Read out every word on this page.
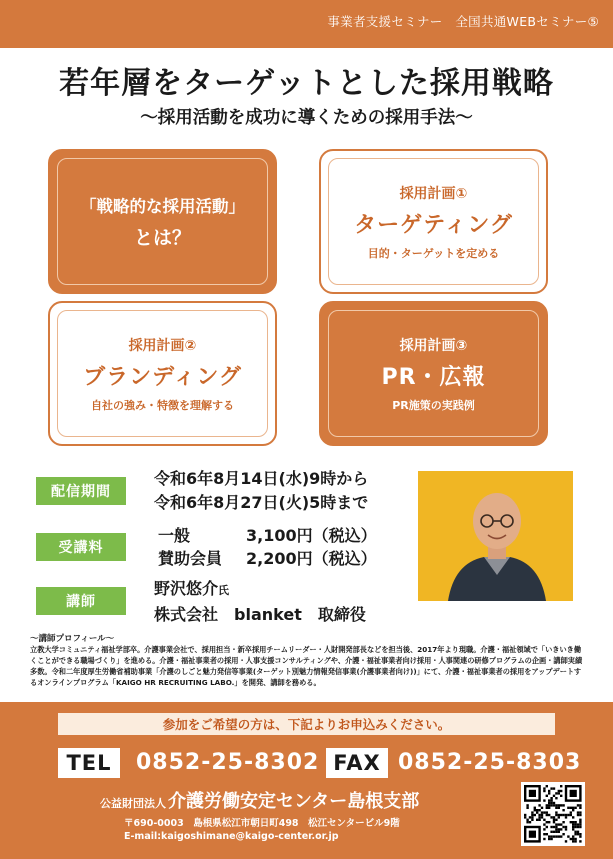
事業者支援セミナー　全国共通WEBセミナー⑤
若年層をターゲットとした採用戦略
〜採用活動を成功に導くための採用手法〜
「戦略的な採用活動」
とは？
採用計画①
ターゲティング
目的・ターゲットを定める
採用計画②
ブランディング
自社の強み・特徴を理解する
採用計画③
PR・広報
PR施策の実践例
配信期間
令和6年8月14日(水)9時から
令和6年8月27日(火)5時まで
受講料
一般	3,100円（税込）
賛助会員 2,200円（税込）
講師
野沢悠介氏
株式会社　blanket　取締役
〜講師プロフィール〜
立教大学コミュニティ福祉学部卒。介護事業会社で、採用担当・新卒採用チームリーダー・人財開発部長などを担当後、2017年より現職。介護・福祉領域で「いきいき働くことができる職場づくり」を進める。介護・福祉事業者の採用・人事支援コンサルティングや、介護・福祉事業者向け採用・人事関連の研修プログラムの企画・講師実績多数。令和二年度厚生労働省補助事業「介護のしごと魅力発信等事業(ターゲット別魅力情報発信事業(介護事業者向け))」にて、介護・福祉事業者の採用をアップデートするオンラインプログラム「KAIGO HR RECRUITING LABO.」を開発、講師を務める。
参加をご希望の方は、下記よりお申込みください。
TEL	0852-25-8302 FAX 0852-25-8303
公益財団法人 介護労働安定センター島根支部
〒690-0003　島根県松江市朝日町498　松江センタービル9階
E-mail:kaigoshimane@kaigo-center.or.jp
